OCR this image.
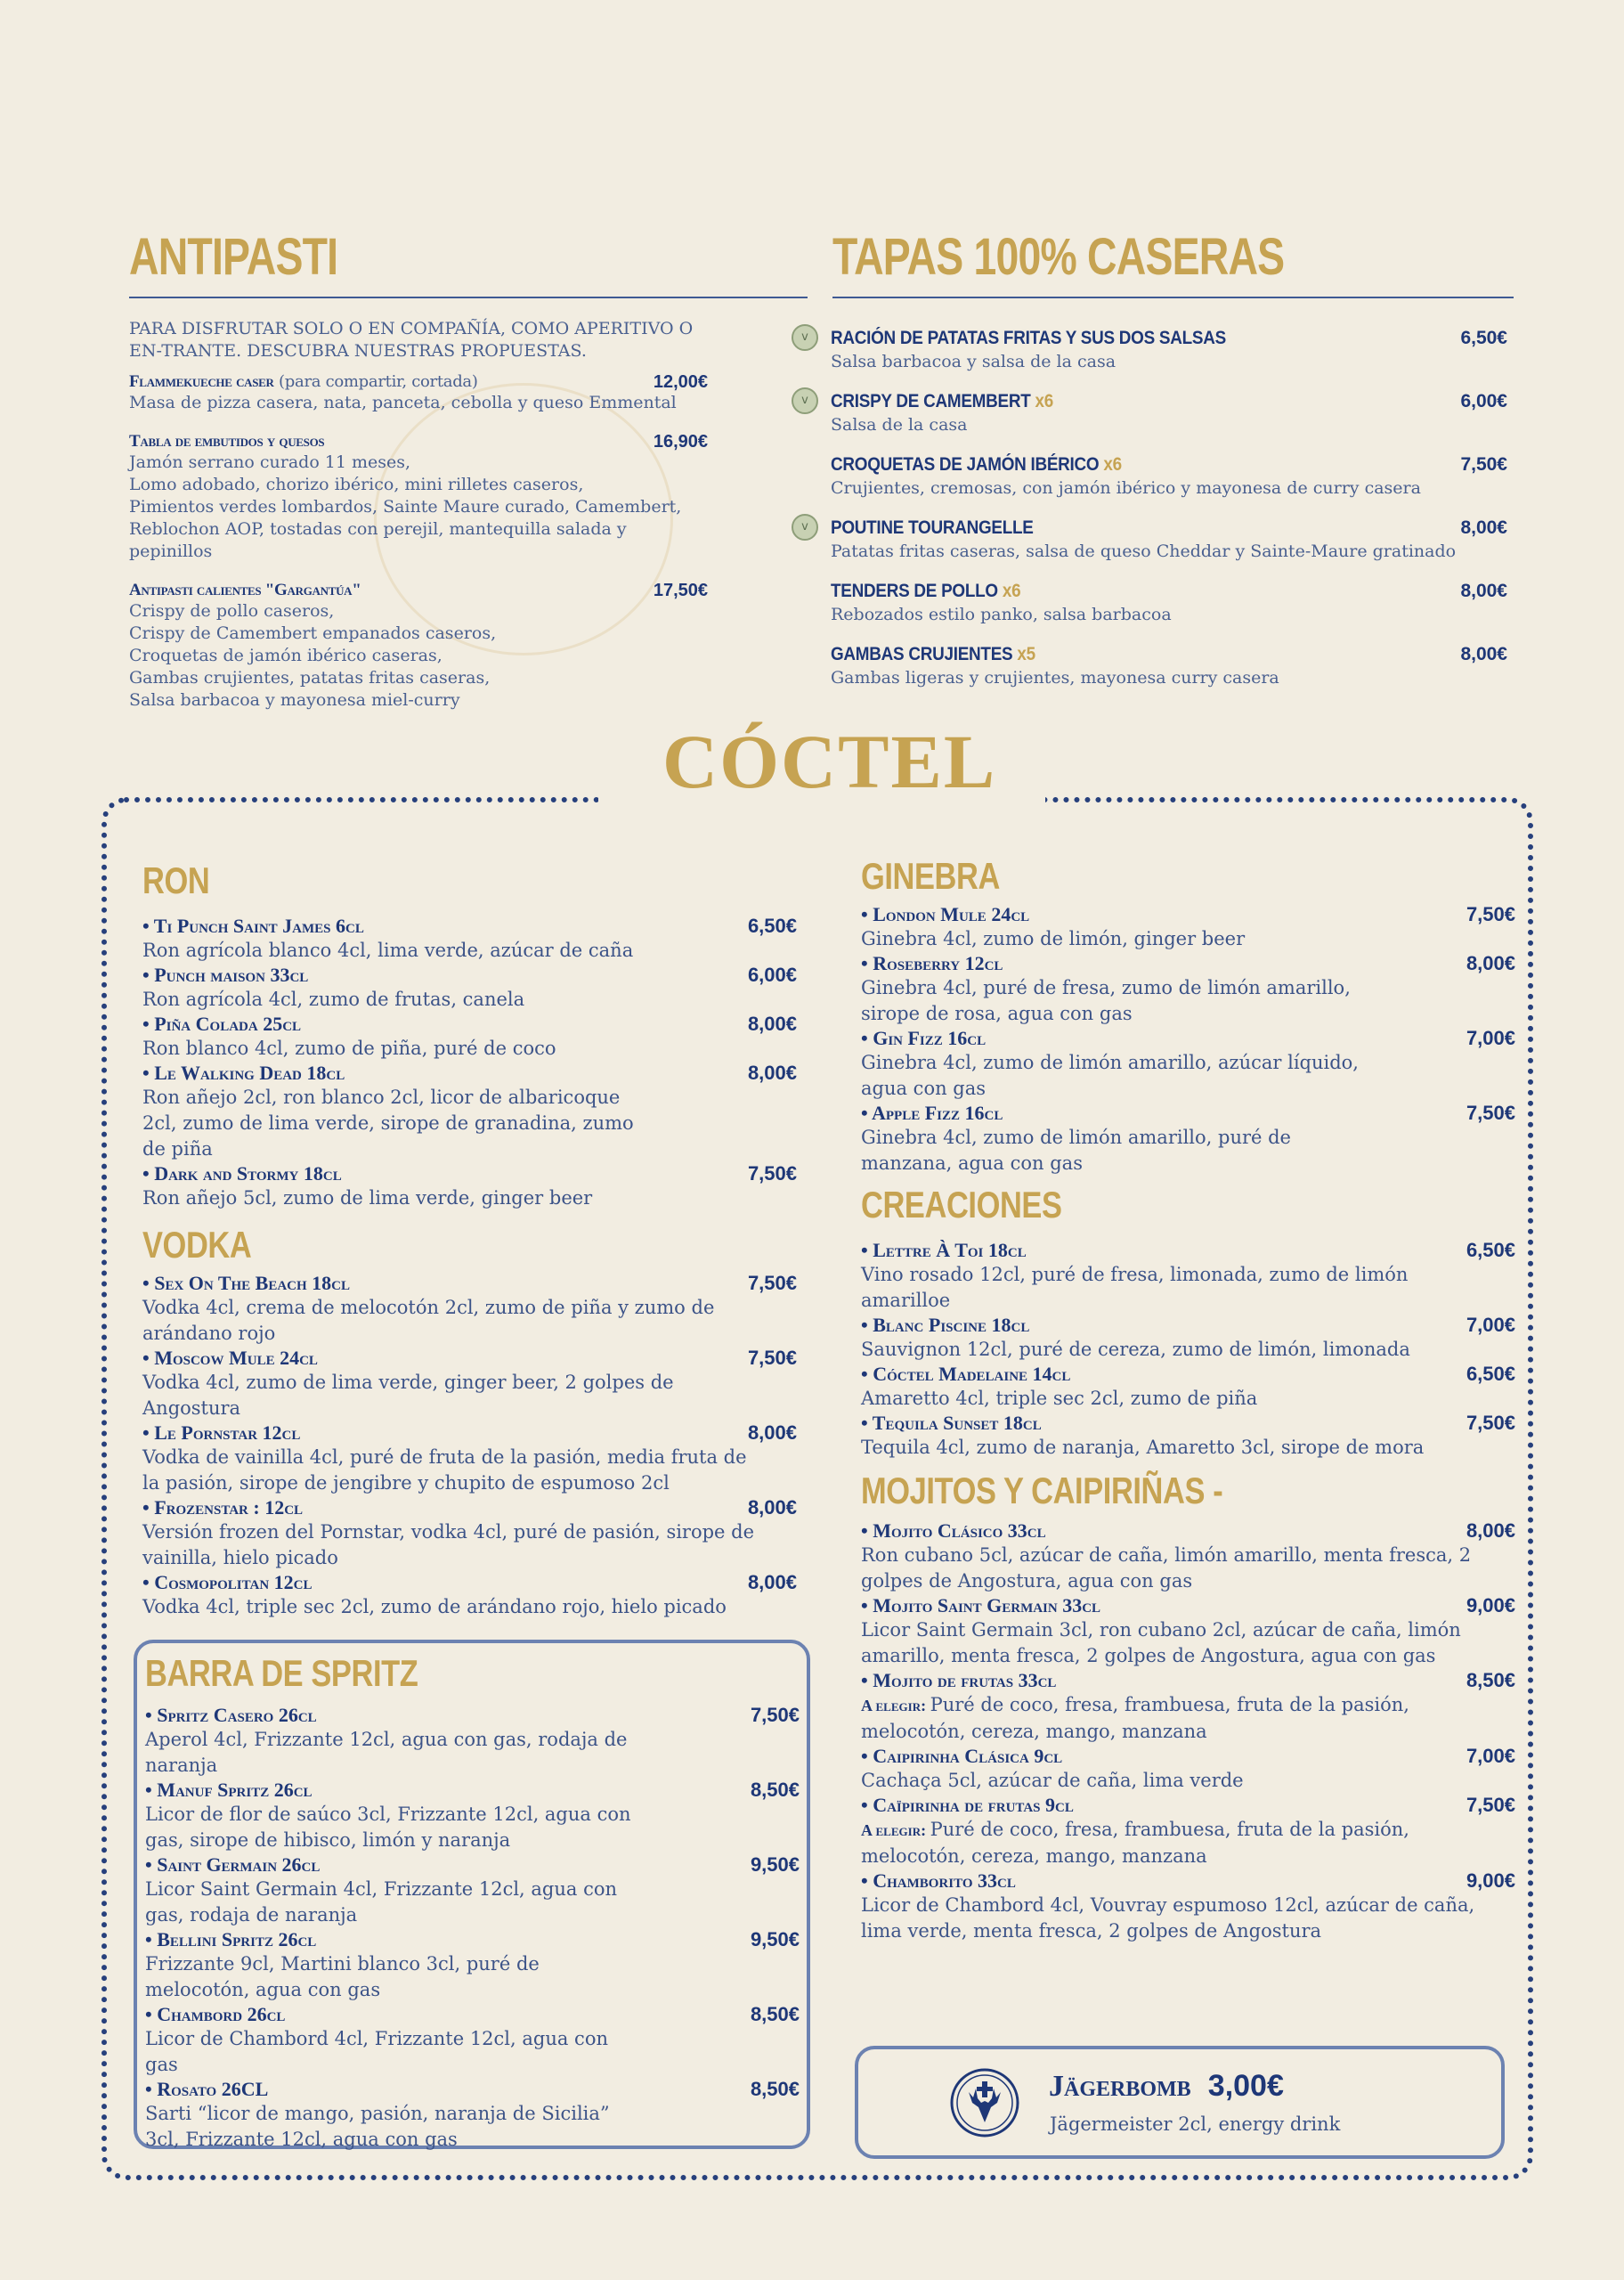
ANTIPASTI
PARA DISFRUTAR SOLO O EN COMPAÑÍA, COMO APERITIVO O EN-TRANTE. DESCUBRA NUESTRAS PROPUESTAS.
Flammekueche caser (para compartir, cortada)	12,00€
Masa de pizza casera, nata, panceta, cebolla y queso Emmental
Tabla de embutidos y quesos	16,90€
Jamón serrano curado 11 meses,
Lomo adobado, chorizo ibérico, mini rilletes caseros,
Pimientos verdes lombardos, Sainte Maure curado, Camembert,
Reblochon AOP, tostadas con perejil, mantequilla salada y pepinillos
Antipasti calientes "Gargantúa"	17,50€
Crispy de pollo caseros,
Crispy de Camembert empanados caseros,
Croquetas de jamón ibérico caseras,
Gambas crujientes, patatas fritas caseras,
Salsa barbacoa y mayonesa miel-curry
TAPAS 100% CASERAS
v	RACIÓN DE PATATAS FRITAS Y SUS DOS SALSAS	6,50€
Salsa barbacoa y salsa de la casa
v	CRISPY DE CAMEMBERT x6	6,00€
Salsa de la casa
CROQUETAS DE JAMÓN IBÉRICO x6	7,50€
Crujientes, cremosas, con jamón ibérico y mayonesa de curry casera
v	POUTINE TOURANGELLE	8,00€
Patatas fritas caseras, salsa de queso Cheddar y Sainte-Maure gratinado
TENDERS DE POLLO x6	8,00€
Rebozados estilo panko, salsa barbacoa
GAMBAS CRUJIENTES x5	8,00€
Gambas ligeras y crujientes, mayonesa curry casera
CÓCTEL
RON
• Ti Punch Saint James 6cl	6,50€
Ron agrícola blanco 4cl, lima verde, azúcar de caña
• Punch maison 33cl	6,00€
Ron agrícola 4cl, zumo de frutas, canela
• Piña Colada 25cl	8,00€
Ron blanco 4cl, zumo de piña, puré de coco
• Le Walking Dead 18cl	8,00€
Ron añejo 2cl, ron blanco 2cl, licor de albaricoque 2cl, zumo de lima verde, sirope de granadina, zumo de piña
• Dark and Stormy 18cl	7,50€
Ron añejo 5cl, zumo de lima verde, ginger beer
VODKA
• Sex On The Beach 18cl	7,50€
Vodka 4cl, crema de melocotón 2cl, zumo de piña y zumo de arándano rojo
• Moscow Mule 24cl	7,50€
Vodka 4cl, zumo de lima verde, ginger beer, 2 golpes de Angostura
• Le Pornstar 12cl	8,00€
Vodka de vainilla 4cl, puré de fruta de la pasión, media fruta de la pasión, sirope de jengibre y chupito de espumoso 2cl
• Frozenstar : 12cl	8,00€
Versión frozen del Pornstar, vodka 4cl, puré de pasión, sirope de vainilla, hielo picado
• Cosmopolitan 12cl	8,00€
Vodka 4cl, triple sec 2cl, zumo de arándano rojo, hielo picado
BARRA DE SPRITZ
• Spritz Casero 26cl	7,50€
Aperol 4cl, Frizzante 12cl, agua con gas, rodaja de naranja
• Manuf Spritz 26cl	8,50€
Licor de flor de saúco 3cl, Frizzante 12cl, agua con gas, sirope de hibisco, limón y naranja
• Saint Germain 26cl	9,50€
Licor Saint Germain 4cl, Frizzante 12cl, agua con gas, rodaja de naranja
• Bellini Spritz 26cl	9,50€
Frizzante 9cl, Martini blanco 3cl, puré de melocotón, agua con gas
• Chambord 26cl	8,50€
Licor de Chambord 4cl, Frizzante 12cl, agua con gas
• Rosato 26CL	8,50€
Sarti “licor de mango, pasión, naranja de Sicilia” 3cl, Frizzante 12cl, agua con gas
GINEBRA
• London Mule 24cl	7,50€
Ginebra 4cl, zumo de limón, ginger beer
• Roseberry 12cl	8,00€
Ginebra 4cl, puré de fresa, zumo de limón amarillo, sirope de rosa, agua con gas
• Gin Fizz 16cl	7,00€
Ginebra 4cl, zumo de limón amarillo, azúcar líquido, agua con gas
• Apple Fizz 16cl	7,50€
Ginebra 4cl, zumo de limón amarillo, puré de manzana, agua con gas
CREACIONES
• Lettre À Toi 18cl	6,50€
Vino rosado 12cl, puré de fresa, limonada, zumo de limón amarilloe
• Blanc Piscine 18cl	7,00€
Sauvignon 12cl, puré de cereza, zumo de limón, limonada
• Cóctel Madelaine 14cl	6,50€
Amaretto 4cl, triple sec 2cl, zumo de piña
• Tequila Sunset 18cl	7,50€
Tequila 4cl, zumo de naranja, Amaretto 3cl, sirope de mora
MOJITOS Y CAIPIRIÑAS -
• Mojito Clásico 33cl	8,00€
Ron cubano 5cl, azúcar de caña, limón amarillo, menta fresca, 2 golpes de Angostura, agua con gas
• Mojito Saint Germain 33cl	9,00€
Licor Saint Germain 3cl, ron cubano 2cl, azúcar de caña, limón amarillo, menta fresca, 2 golpes de Angostura, agua con gas
• Mojito de frutas 33cl	8,50€
A elegir: Puré de coco, fresa, frambuesa, fruta de la pasión, melocotón, cereza, mango, manzana
• Caipirinha Clásica 9cl	7,00€
Cachaça 5cl, azúcar de caña, lima verde
• Caïpirinha de frutas 9cl	7,50€
A elegir: Puré de coco, fresa, frambuesa, fruta de la pasión, melocotón, cereza, mango, manzana
• Chamborito 33cl	9,00€
Licor de Chambord 4cl, Vouvray espumoso 12cl, azúcar de caña, lima verde, menta fresca, 2 golpes de Angostura
Jägerbomb 3,00€
Jägermeister 2cl, energy drink
